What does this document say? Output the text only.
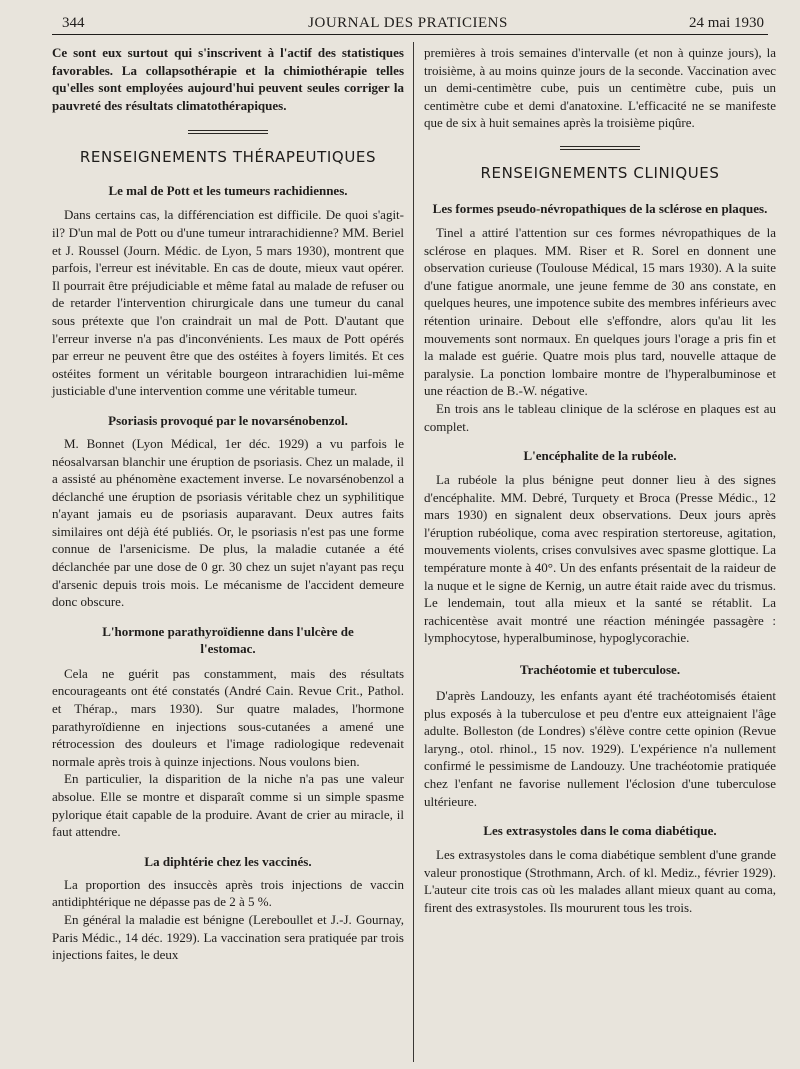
344	JOURNAL DES PRATICIENS	24 mai 1930

Ce sont eux surtout qui s'inscrivent à l'actif des statistiques favorables. La collapsothérapie et la chimiothérapie telles qu'elles sont employées aujourd'hui peuvent seules corriger la pauvreté des résultats climatothérapiques.

RENSEIGNEMENTS THÉRAPEUTIQUES
Le mal de Pott et les tumeurs rachidiennes.

Dans certains cas, la différenciation est difficile. De quoi s'agit-il? D'un mal de Pott ou d'une tumeur intrarachidienne? MM. Beriel et J. Roussel (Journ. Médic. de Lyon, 5 mars 1930), montrent que parfois, l'erreur est inévitable. En cas de doute, mieux vaut opérer. Il pourrait être préjudiciable et même fatal au malade de refuser ou de retarder l'intervention chirurgicale dans une tumeur du canal sous prétexte que l'on craindrait un mal de Pott. D'autant que l'erreur inverse n'a pas d'inconvénients. Les maux de Pott opérés par erreur ne peuvent être que des ostéites à foyers limités. Et ces ostéites forment un véritable bourgeon intrarachidien lui-même justiciable d'une intervention comme une véritable tumeur.

Psoriasis provoqué par le novarsénobenzol.

M. Bonnet (Lyon Médical, 1er déc. 1929) a vu parfois le néosalvarsan blanchir une éruption de psoriasis. Chez un malade, il a assisté au phénomène exactement inverse. Le novarsénobenzol a déclanché une éruption de psoriasis véritable chez un syphilitique n'ayant jamais eu de psoriasis auparavant. Deux autres faits similaires ont déjà été publiés. Or, le psoriasis n'est pas une forme connue de l'arsenicisme. De plus, la maladie cutanée a été déclanchée par une dose de 0 gr. 30 chez un sujet n'ayant pas reçu d'arsenic depuis trois mois. Le mécanisme de l'accident demeure donc obscure.

L'hormone parathyroïdienne dans l'ulcère de l'estomac.

Cela ne guérit pas constamment, mais des résultats encourageants ont été constatés (André Cain. Revue Crit., Pathol. et Thérap., mars 1930). Sur quatre malades, l'hormone parathyroïdienne en injections sous-cutanées a amené une rétrocession des douleurs et l'image radiologique redevenait normale après trois à quinze injections. Nous voulons bien.

En particulier, la disparition de la niche n'a pas une valeur absolue. Elle se montre et disparaît comme si un simple spasme pylorique était capable de la produire. Avant de crier au miracle, il faut attendre.

La diphtérie chez les vaccinés.

La proportion des insuccès après trois injections de vaccin antidiphtérique ne dépasse pas de 2 à 5 %.

En général la maladie est bénigne (Lereboullet et J.-J. Gournay, Paris Médic., 14 déc. 1929). La vaccination sera pratiquée par trois injections faites, le deux

premières à trois semaines d'intervalle (et non à quinze jours), la troisième, à au moins quinze jours de la seconde. Vaccination avec un demi-centimètre cube, puis un centimètre cube, puis un centimètre cube et demi d'anatoxine. L'efficacité ne se manifeste que de six à huit semaines après la troisième piqûre.

RENSEIGNEMENTS CLINIQUES
Les formes pseudo-névropathiques de la sclérose en plaques.

Tinel a attiré l'attention sur ces formes névropathiques de la sclérose en plaques. MM. Riser et R. Sorel en donnent une observation curieuse (Toulouse Médical, 15 mars 1930). A la suite d'une fatigue anormale, une jeune femme de 30 ans constate, en quelques heures, une impotence subite des membres inférieurs avec rétention urinaire. Debout elle s'effondre, alors qu'au lit les mouvements sont normaux. En quelques jours l'orage a pris fin et la malade est guérie. Quatre mois plus tard, nouvelle attaque de paralysie. La ponction lombaire montre de l'hyperalbuminose et une réaction de B.-W. négative.

En trois ans le tableau clinique de la sclérose en plaques est au complet.

L'encéphalite de la rubéole.

La rubéole la plus bénigne peut donner lieu à des signes d'encéphalite. MM. Debré, Turquety et Broca (Presse Médic., 12 mars 1930) en signalent deux observations. Deux jours après l'éruption rubéolique, coma avec respiration stertoreuse, agitation, mouvements violents, crises convulsives avec spasme glottique. La température monte à 40°. Un des enfants présentait de la raideur de la nuque et le signe de Kernig, un autre était raide avec du trismus. Le lendemain, tout alla mieux et la santé se rétablit. La rachicentèse avait montré une réaction méningée passagère : lymphocytose, hyperalbuminose, hypoglycorachie.

Trachéotomie et tuberculose.

D'après Landouzy, les enfants ayant été trachéotomisés étaient plus exposés à la tuberculose et peu d'entre eux atteignaient l'âge adulte. Bolleston (de Londres) s'élève contre cette opinion (Revue laryng., otol. rhinol., 15 nov. 1929). L'expérience n'a nullement confirmé le pessimisme de Landouzy. Une trachéotomie pratiquée chez l'enfant ne favorise nullement l'éclosion d'une tuberculose ultérieure.

Les extrasystoles dans le coma diabétique.

Les extrasystoles dans le coma diabétique semblent d'une grande valeur pronostique (Strothmann, Arch. of kl. Mediz., février 1929). L'auteur cite trois cas où les malades allant mieux quant au coma, firent des extrasystoles. Ils moururent tous les trois.
